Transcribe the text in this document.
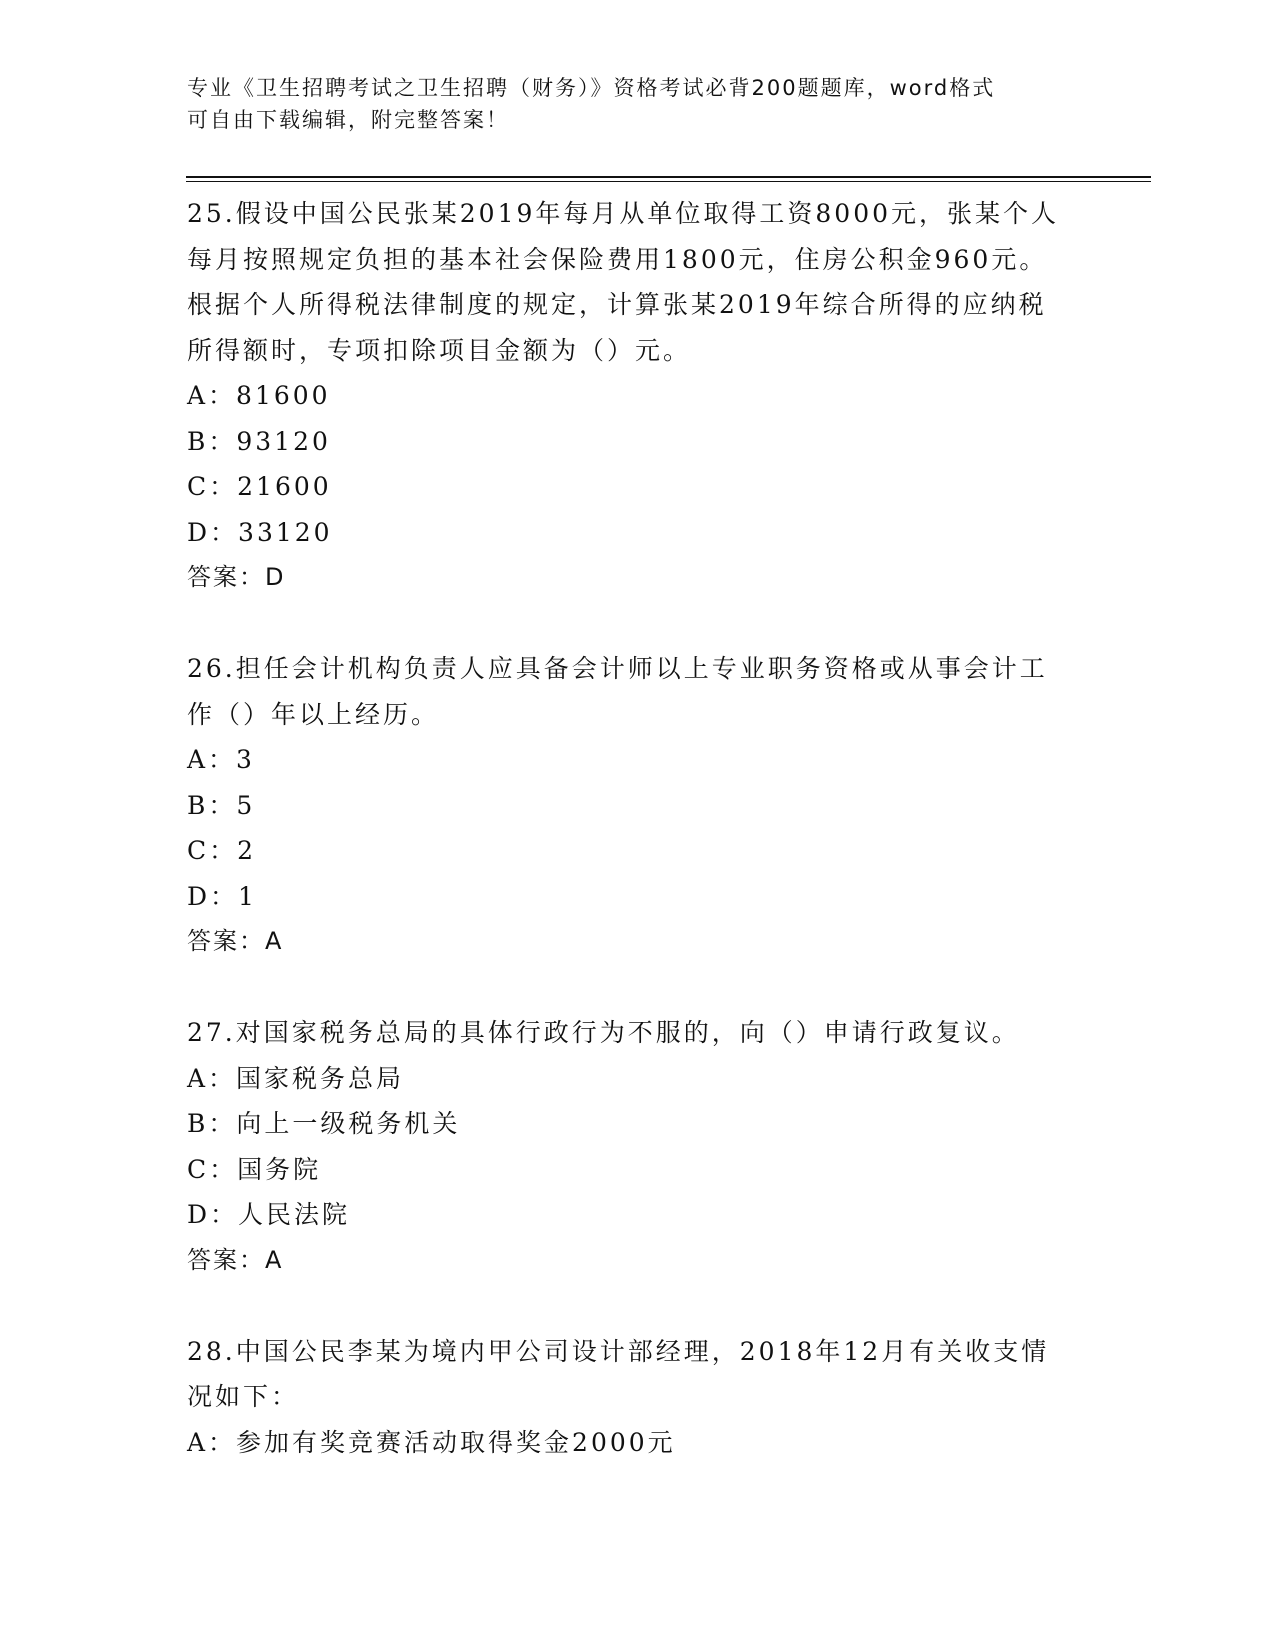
专业《卫生招聘考试之卫生招聘（财务）》资格考试必背200题题库，word格式
可自由下载编辑，附完整答案！
25.假设中国公民张某2019年每月从单位取得工资8000元，张某个人
每月按照规定负担的基本社会保险费用1800元，住房公积金960元。
根据个人所得税法律制度的规定，计算张某2019年综合所得的应纳税
所得额时，专项扣除项目金额为（）元。
A：81600
B：93120
C：21600
D：33120
答案：D
26.担任会计机构负责人应具备会计师以上专业职务资格或从事会计工
作（）年以上经历。
A：3
B：5
C：2
D：1
答案：A
27.对国家税务总局的具体行政行为不服的，向（）申请行政复议。
A：国家税务总局
B：向上一级税务机关
C：国务院
D：人民法院
答案：A
28.中国公民李某为境内甲公司设计部经理，2018年12月有关收支情
况如下：
A：参加有奖竞赛活动取得奖金2000元
